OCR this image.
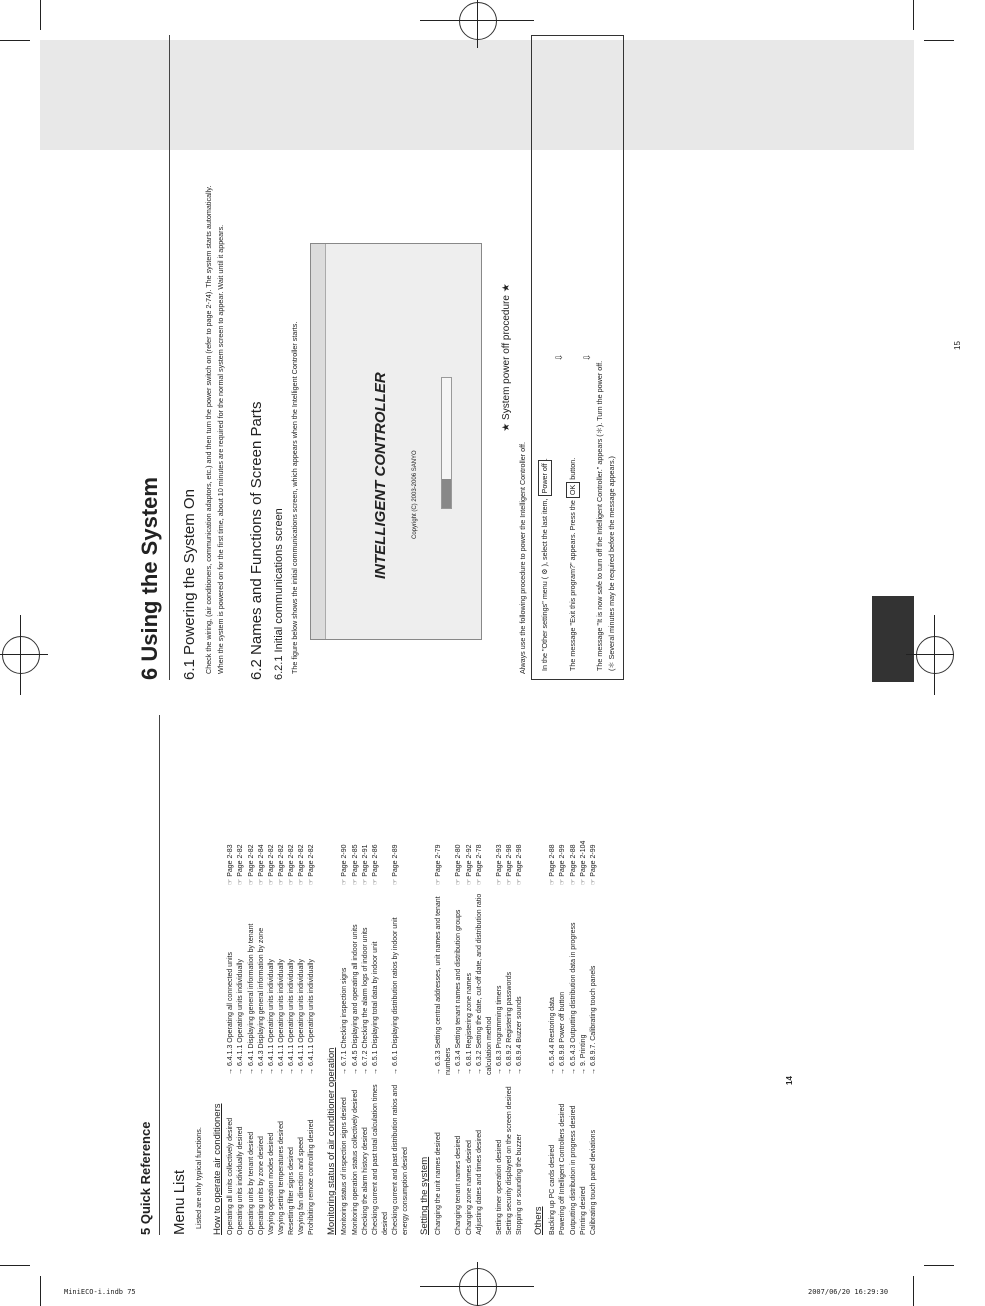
MiniECO-i.indb 75	2007/06/20 16:29:30
5 Quick Reference	Menu List Listed are only typical functions. How to operate air conditioners Operating all units collectively desired
→ 6.4.1.3 Operating all connected units
☞ Page 2-83
Operating units individually desired
→ 6.4.1.1 Operating units individually
☞ Page 2-82
Operating units by tenant desired
→ 6.4.1 Displaying general information by tenant
☞ Page 2-82
Operating units by zone desired
→ 6.4.3 Displaying general information by zone
☞ Page 2-84
Varying operation modes desired
→ 6.4.1.1 Operating units individually
☞ Page 2-82
Varying setting temperatures desired
→ 6.4.1.1 Operating units individually
☞ Page 2-82
Resetting filter signs desired
→ 6.4.1.1 Operating units individually
☞ Page 2-82
Varying fan direction and speed
→ 6.4.1.1 Operating units individually
☞ Page 2-82
Prohibiting remote controlling desired
→ 6.4.1.1 Operating units individually
☞ Page 2-82
Monitoring status of air conditioner operation Monitoring status of inspection signs desired
→ 6.7.1 Checking inspection signs
☞ Page 2-90
Monitoring operation status collectively desired
→ 6.4.5 Displaying and operating all indoor units
☞ Page 2-85
Checking the alarm history desired
→ 6.7.2 Checking the alarm logs of indoor units
☞ Page 2-91
Checking current and past total calculation times desired
→ 6.5.1 Displaying total data by indoor unit
☞ Page 2-86
Checking current and past distribution ratios and energy consumption desired
→ 6.6.1 Displaying distribution ratios by indoor unit
☞ Page 2-89
Setting the system Changing the unit names desired
→ 6.3.3 Setting central addresses, unit names and tenant numbers
☞ Page 2-79
Changing tenant names desired
→ 6.3.4 Setting tenant names and distribution groups
☞ Page 2-80
Changing zone names desired
→ 6.8.1 Registering zone names
☞ Page 2-92
Adjusting dates and times desired
→ 6.3.2 Setting the date, cut-off date, and distribution ratio calculation method
☞ Page 2-78
Setting timer operation desired
→ 6.8.3 Programming timers
☞ Page 2-93
Setting security displayed on the screen desired
→ 6.8.9.2 Registering passwords
☞ Page 2-98
Stopping or sounding the buzzer
→ 6.8.9.4 Buzzer sounds
☞ Page 2-98
Others Backing up PC cards desired
→ 6.5.4.4 Restoring data
☞ Page 2-88
Powering off Intelligent Controllers desired
→ 6.8.9.8 Power off button
☞ Page 2-99
Outputting distribution in progress desired
→ 6.5.4.3 Outputting distribution data in progress
☞ Page 2-88
Printing desired
→ 9. Printing
☞ Page 2-104
Calibrating touch panel deviations
→ 6.8.9.7. Calibrating touch panels
☞ Page 2-99
14
6 Using the System	6.1 Powering the System On Check the wiring, (air conditioners, communication adaptors, etc.) and then turn the power switch on (refer to page 2-74). The system starts automatically. When the system is powered on for the first time, about 10 minutes are required for the normal system screen to appear. Wait until it appears. 6.2 Names and Functions of Screen Parts 6.2.1 Initial communications screen The figure below shows the initial communications screen, which appears when the Intelligent Controller starts.	INTELLIGENT CONTROLLER	Copyright (C) 2003-2006 SANYO
★ System power off procedure ★
Always use the following procedure to power the Intelligent Controller off. In the "Other settings" menu ( ⚙ ), select the last item, Power off.
⇩
The message "Exit this program?" appears. Press the OK button.
⇩
The message "It is now safe to turn off the Intelligent Controller." appears (＊). Turn the power off. (＊ Several minutes may be required before the message appears.)
15
